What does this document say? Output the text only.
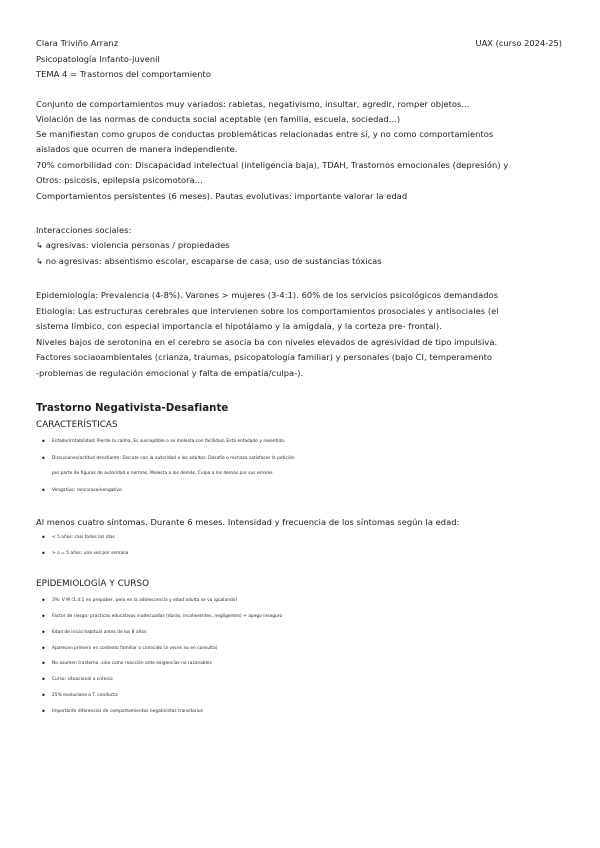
Clara Triviño Arranz	UAX (curso 2024-25)
Psicopatología Infanto-juvenil
TEMA 4 = Trastornos del comportamiento
Conjunto de comportamientos muy variados: rabietas, negativismo, insultar, agredir, romper objetos...
Violación de las normas de conducta social aceptable (en familia, escuela, sociedad...)
Se manifiestan como grupos de conductas problemáticas relacionadas entre sí, y no como comportamientos
aislados que ocurren de manera independiente.
70% comorbilidad con: Discapacidad intelectual (inteligencia baja), TDAH, Trastornos emocionales (depresión) y
Otros: psicosis, epilepsia psicomotora...
Comportamientos persistentes (6 meses). Pautas evolutivas: importante valorar la edad
Interacciones sociales:
↳ agresivas: violencia personas / propiedades
↳ no agresivas: absentismo escolar, escaparse de casa, uso de sustancias tóxicas
Epidemiología: Prevalencia (4-8%). Varones > mujeres (3-4:1). 60% de los servicios psicológicos demandados
Etiología: Las estructuras cerebrales que intervienen sobre los comportamientos prosociales y antisociales (el
sistema límbico, con especial importancia el hipotálamo y la amígdala, y la corteza pre- frontal).
Niveles bajos de serotonina en el cerebro se asocia ba con niveles elevados de agresividad de tipo impulsiva.
Factores sociaoambientales (crianza, traumas, psicopatología familiar) y personales (bajo CI, temperamento
-problemas de regulación emocional y falta de empatía/culpa-).
Trastorno Negativista-Desafiante
CARACTERÍSTICAS
• Enfado/irritabilidad: Pierde la calma, Es susceptible o se molesta con facilidad, Está enfadado y resentido.
• Discusiones/actitud desafiante: Discute con la autoridad o los adultos, Desafía o rechaza satisfacer la petición
por parte de figuras de autoridad o normas, Molesta a los demás, Culpa a los demás por sus errores.
• Vengativo: rencoroso/vengativo
Al menos cuatro síntomas. Durante 6 meses. Intensidad y frecuencia de los síntomas según la edad:
• < 5 años: casi todos los días
• > o = 5 años: una vez por semana
EPIDEMIOLOGÍA Y CURSO
• 3%: V M (1.4:1 en prepúber, pero en la adolescencia y edad adulta se va igualando)
• Factor de riesgo: prácticas educativas inadecuadas (duras, incoherentes, negligentes) + apego inseguro
• Edad de inicio habitual antes de los 8 años
• Aparecen primero en contexto familiar o conocido (a veces no en consulta)
• No asumen trastorno, sino como reacción ante exigencias no razonables
• Curso: situacional o crónico
• 25% evoluciona a T. conducta
• Importante diferenciar de comportamientos negativistas transitorios
